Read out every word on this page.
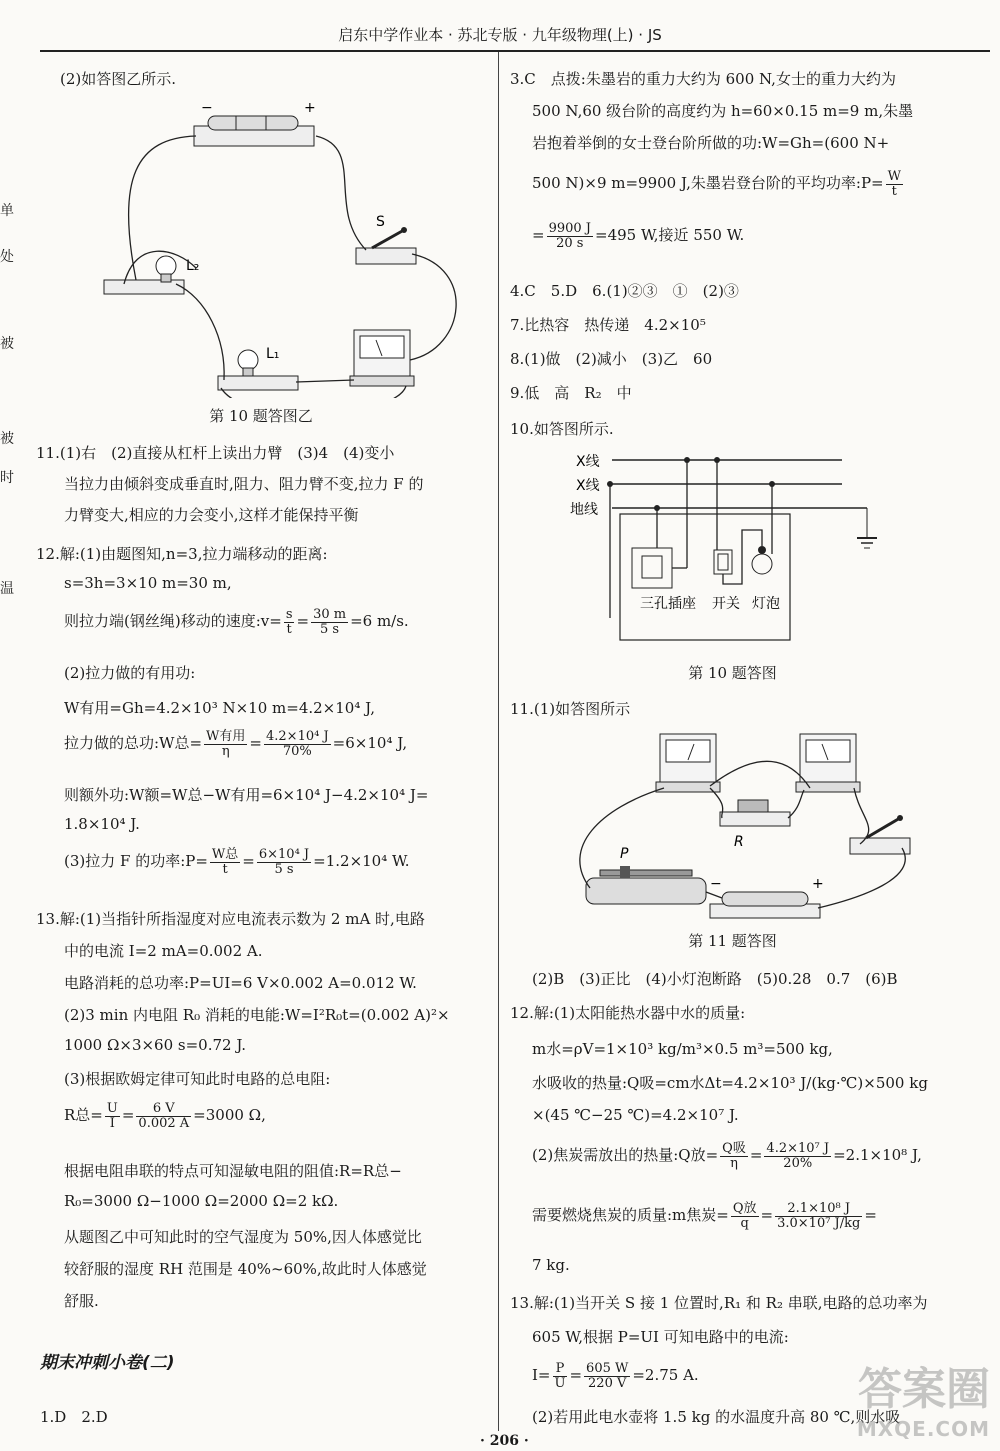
启东中学作业本 · 苏北专版 · 九年级物理(上) · JS
单
处
被
被
时
温
(2)如答图乙所示.
−	+
S
L₂
L₁
第 10 题答图乙
11.(1)右　(2)直接从杠杆上读出力臂　(3)4　(4)变小
当拉力由倾斜变成垂直时,阻力、阻力臂不变,拉力 F 的
力臂变大,相应的力会变小,这样才能保持平衡
12.解:(1)由题图知,n=3,拉力端移动的距离:
s=3h=3×10 m=30 m,
则拉力端(钢丝绳)移动的速度:v= $\frac{s}{t} = \frac{30 m}{5 s} =6$ m/s.
(2)拉力做的有用功:
W有用=Gh=4.2×10³ N×10 m=4.2×10⁴ J,
拉力做的总功:W总= $\frac{\text{W有用}}{\eta} = \frac{\text{4.2×10⁴ J}}{70\%} =6\times 10^4$ J,
则额外功:W额=W总−W有用=6×10⁴ J−4.2×10⁴ J=
1.8×10⁴ J.
(3)拉力 F 的功率:P= $\frac{\text{W总}}{t} = \frac{\text{6×10⁴ J}}{5 s} =1.2\times 10^4$ W.
13.解:(1)当指针所指湿度对应电流表示数为 2 mA 时,电路
中的电流 I=2 mA=0.002 A.
电路消耗的总功率:P=UI=6 V×0.002 A=0.012 W.
(2)3 min 内电阻 R₀ 消耗的电能:W=I²R₀t=(0.002 A)²×
1000 Ω×3×60 s=0.72 J.
(3)根据欧姆定律可知此时电路的总电阻:
R总= $\frac{U}{I} = \frac{6 V}{0.002 A} =3000$ Ω,
根据电阻串联的特点可知湿敏电阻的阻值:R=R总−
R₀=3000 Ω−1000 Ω=2000 Ω=2 kΩ.
从题图乙中可知此时的空气湿度为 50%,因人体感觉比
较舒服的湿度 RH 范围是 40%~60%,故此时人体感觉
舒服.
期末冲刺小卷(二)
1.D　2.D
3.C　点拨:朱墨岩的重力大约为 600 N,女士的重力大约为
500 N,60 级台阶的高度约为 h=60×0.15 m=9 m,朱墨
岩抱着举倒的女士登台阶所做的功:W=Gh=(600 N+
500 N)×9 m=9900 J,朱墨岩登台阶的平均功率:P= $\frac{W}{t}$
= $\frac{9900 J}{20 s} =495$ W,接近 550 W.
4.C　5.D　6.(1)②③　①　(2)③
7.比热容　热传递　4.2×10⁵
8.(1)做　(2)减小　(3)乙　60
9.低　高　R₂　中
10.如答图所示.
X线
X线
地线
三孔插座 开关 灯泡
第 10 题答图
11.(1)如答图所示
R
P
−	+
第 11 题答图
(2)B　(3)正比　(4)小灯泡断路　(5)0.28　0.7　(6)B
12.解:(1)太阳能热水器中水的质量:
m水=ρV=1×10³ kg/m³×0.5 m³=500 kg,
水吸收的热量:Q吸=cm水Δt=4.2×10³ J/(kg·℃)×500 kg
×(45 ℃−25 ℃)=4.2×10⁷ J.
(2)焦炭需放出的热量:Q放= $\frac{\text{Q吸}}{\eta} = \frac{\text{4.2×10⁷ J}}{20\%} =2.1\times 10^8$ J,
需要燃烧焦炭的质量:m焦炭= $\frac{\text{Q放}}{q} = \frac{\text{2.1×10⁸ J}}{\text{3.0×10⁷ J/kg}}$ =
7 kg.
13.解:(1)当开关 S 接 1 位置时,R₁ 和 R₂ 串联,电路的总功率为
605 W,根据 P=UI 可知电路中的电流:
$I= \frac{P}{U} = \frac{605 W}{220 V} =2.75$ A.
(2)若用此电水壶将 1.5 kg 的水温度升高 80 ℃,则水吸
· 206 ·
答案圈
MXQE.COM
